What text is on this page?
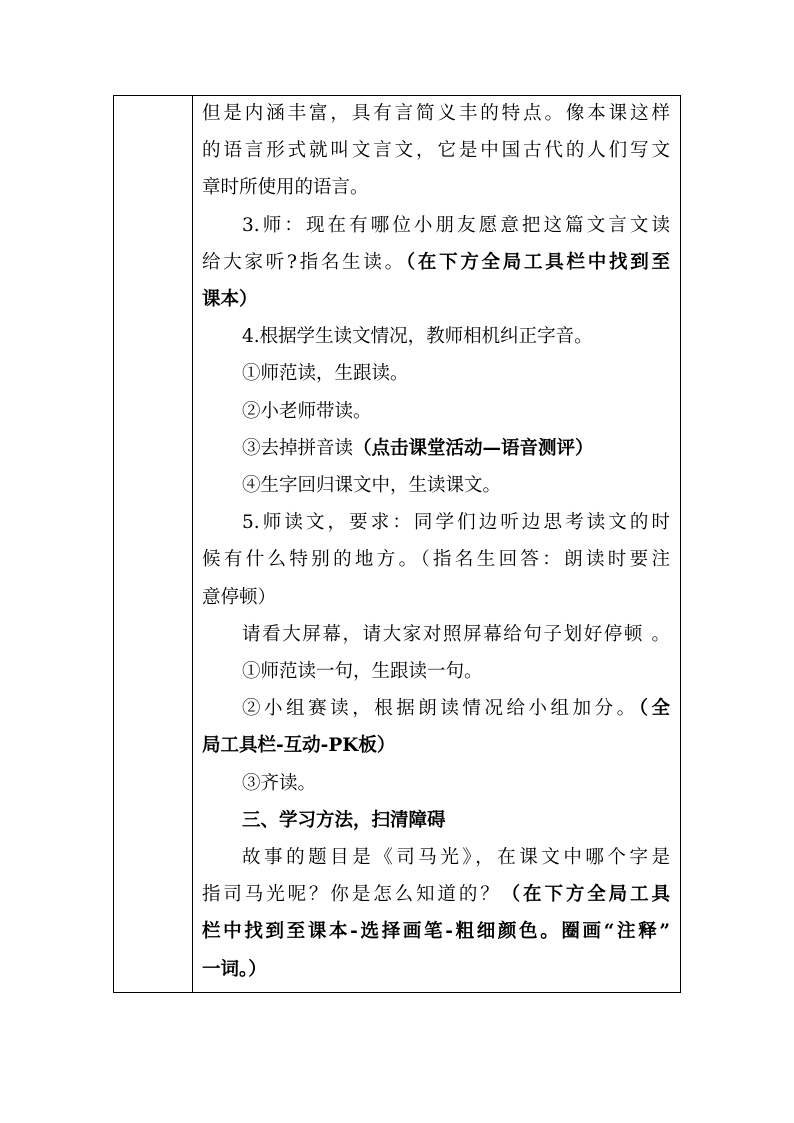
但是内涵丰富，具有言简义丰的特点。像本课这样
的语言形式就叫文言文，它是中国古代的人们写文
章时所使用的语言。
3.师：现在有哪位小朋友愿意把这篇文言文读
给大家听?指名生读。（在下方全局工具栏中找到至
课本）
4.根据学生读文情况，教师相机纠正字音。
①师范读，生跟读。
②小老师带读。
③去掉拼音读（点击课堂活动—语音测评）
④生字回归课文中，生读课文。
5.师读文，要求：同学们边听边思考读文的时
候有什么特别的地方。（指名生回答：朗读时要注
意停顿）
请看大屏幕，请大家对照屏幕给句子划好停顿 。
①师范读一句，生跟读一句。
②小组赛读，根据朗读情况给小组加分。（全
局工具栏-互动-PK板）
③齐读。
三、学习方法，扫清障碍
故事的题目是《司马光》，在课文中哪个字是
指司马光呢？你是怎么知道的？（在下方全局工具
栏中找到至课本-选择画笔-粗细颜色。圈画“注释”
一词。）
